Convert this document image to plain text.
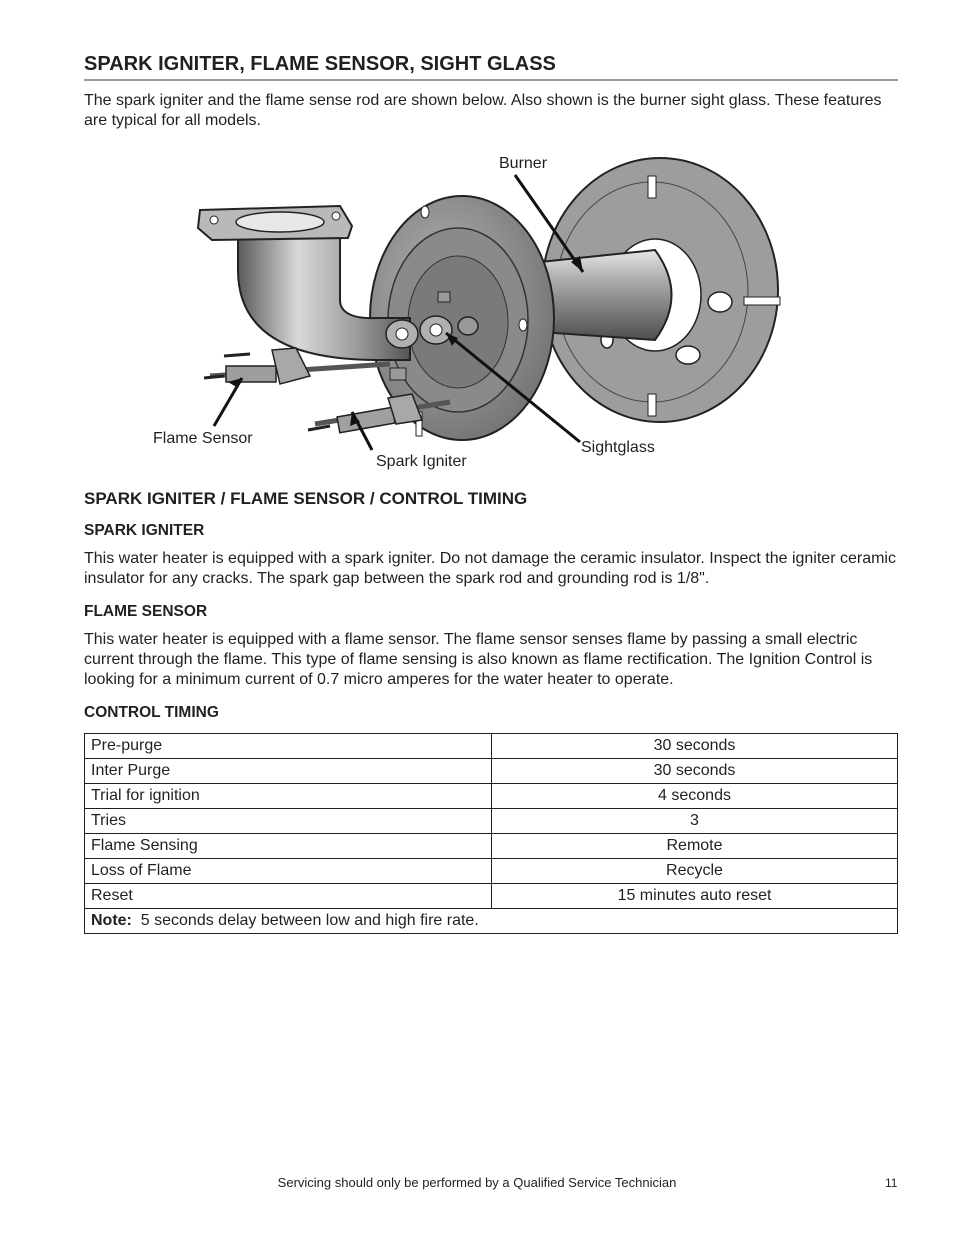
SPARK IGNITER, FLAME SENSOR, SIGHT GLASS

The spark igniter and the flame sense rod are shown below. Also shown is the burner sight glass. These features are typical for all models.

Burner
Flame Sensor
Spark Igniter
Sightglass
SPARK IGNITER / FLAME SENSOR / CONTROL TIMING
SPARK IGNITER

This water heater is equipped with a spark igniter. Do not damage the ceramic insulator. Inspect the igniter ceramic insulator for any cracks. The spark gap between the spark rod and grounding rod is 1/8".

FLAME SENSOR

This water heater is equipped with a flame sensor. The flame sensor senses flame by passing a small electric current through the flame. This type of flame sensing is also known as flame rectification. The Ignition Control is looking for a minimum current of 0.7 micro amperes for the water heater to operate.

CONTROL TIMING
Pre-purge	30 seconds
Inter Purge	30 seconds
Trial for ignition	4 seconds
Tries	3
Flame Sensing	Remote
Loss of Flame	Recycle
Reset	15 minutes auto reset
Note: 5 seconds delay between low and high fire rate.	
Servicing should only be performed by a Qualified Service Technician	11
